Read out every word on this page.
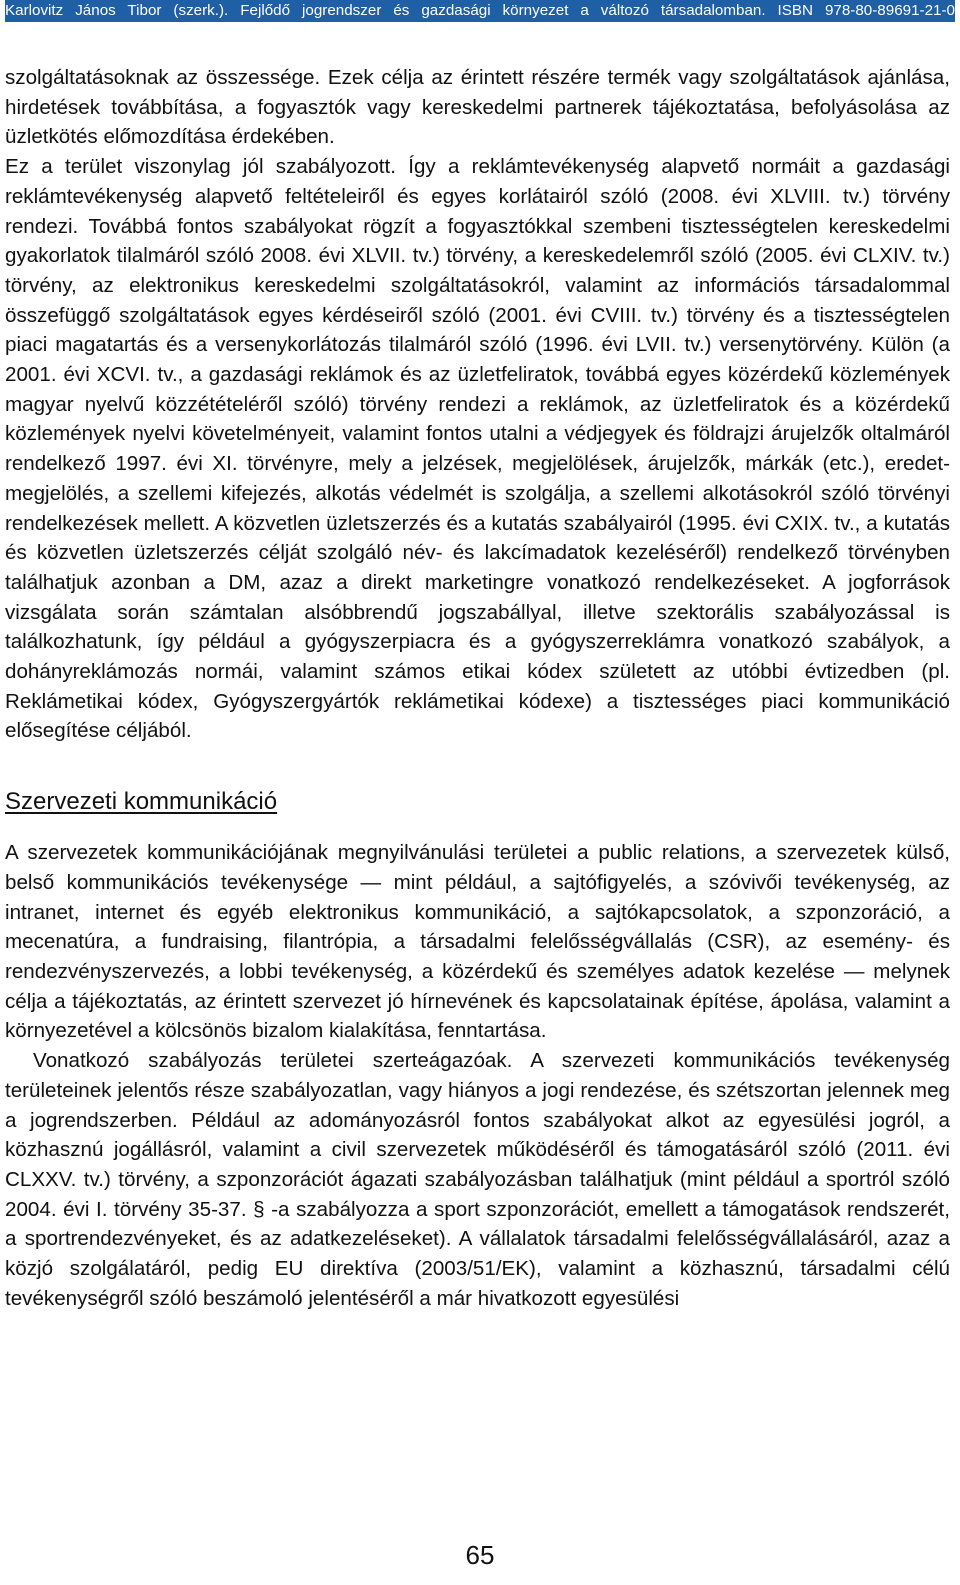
Karlovitz János Tibor (szerk.). Fejlődő jogrendszer és gazdasági környezet a változó társadalomban. ISBN 978-80-89691-21-0

szolgáltatásoknak az összessége. Ezek célja az érintett részére termék vagy szolgáltatások ajánlása, hirdetések továbbítása, a fogyasztók vagy kereskedelmi partnerek tájékoztatása, befolyásolása az üzletkötés előmozdítása érdekében.

Ez a terület viszonylag jól szabályozott. Így a reklámtevékenység alapvető normáit a gazdasági reklámtevékenység alapvető feltételeiről és egyes korlátairól szóló (2008. évi XLVIII. tv.) törvény rendezi. Továbbá fontos szabályokat rögzít a fogyasztókkal szembeni tisztességtelen kereskedelmi gyakorlatok tilalmáról szóló 2008. évi XLVII. tv.) törvény, a kereskedelemről szóló (2005. évi CLXIV. tv.) törvény, az elektronikus kereskedelmi szolgáltatásokról, valamint az információs társadalommal összefüggő szolgáltatások egyes kérdéseiről szóló (2001. évi CVIII. tv.) törvény és a tisztességtelen piaci magatartás és a versenykorlátozás tilalmáról szóló (1996. évi LVII. tv.) versenytörvény. Külön (a 2001. évi XCVI. tv., a gazdasági reklámok és az üzletfeliratok, továbbá egyes közérdekű közlemények magyar nyelvű közzétételéről szóló) törvény rendezi a reklámok, az üzletfeliratok és a közérdekű közlemények nyelvi követelményeit, valamint fontos utalni a védjegyek és földrajzi árujelzők oltalmáról rendelkező 1997. évi XI. törvényre, mely a jelzések, megjelölések, árujelzők, márkák (etc.), eredet-megjelölés, a szellemi kifejezés, alkotás védelmét is szolgálja, a szellemi alkotásokról szóló törvényi rendelkezések mellett. A közvetlen üzletszerzés és a kutatás szabályairól (1995. évi CXIX. tv., a kutatás és közvetlen üzletszerzés célját szolgáló név- és lakcímadatok kezeléséről) rendelkező törvényben találhatjuk azonban a DM, azaz a direkt marketingre vonatkozó rendelkezéseket. A jogforrások vizsgálata során számtalan alsóbbrendű jogszabállyal, illetve szektorális szabályozással is találkozhatunk, így például a gyógyszerpiacra és a gyógyszerreklámra vonatkozó szabályok, a dohányreklámozás normái, valamint számos etikai kódex született az utóbbi évtizedben (pl. Reklámetikai kódex, Gyógyszergyártók reklámetikai kódexe) a tisztességes piaci kommunikáció elősegítése céljából.

Szervezeti kommunikáció

A szervezetek kommunikációjának megnyilvánulási területei a public relations, a szervezetek külső, belső kommunikációs tevékenysége — mint például, a sajtófigyelés, a szóvivői tevékenység, az intranet, internet és egyéb elektronikus kommunikáció, a sajtókapcsolatok, a szponzoráció, a mecenatúra, a fundraising, filantrópia, a társadalmi felelősségvállalás (CSR), az esemény- és rendezvényszervezés, a lobbi tevékenység, a közérdekű és személyes adatok kezelése — melynek célja a tájékoztatás, az érintett szervezet jó hírnevének és kapcsolatainak építése, ápolása, valamint a környezetével a kölcsönös bizalom kialakítása, fenntartása.

Vonatkozó szabályozás területei szerteágazóak. A szervezeti kommunikációs tevékenység területeinek jelentős része szabályozatlan, vagy hiányos a jogi rendezése, és szétszortan jelennek meg a jogrendszerben. Például az adományozásról fontos szabályokat alkot az egyesülési jogról, a közhasznú jogállásról, valamint a civil szervezetek működéséről és támogatásáról szóló (2011. évi CLXXV. tv.) törvény, a szponzorációt ágazati szabályozásban találhatjuk (mint például a sportról szóló 2004. évi I. törvény 35-37. § -a szabályozza a sport szponzorációt, emellett a támogatások rendszerét, a sportrendezvényeket, és az adatkezeléseket). A vállalatok társadalmi felelősségvállalásáról, azaz a közjó szolgálatáról, pedig EU direktíva (2003/51/EK), valamint a közhasznú, társadalmi célú tevékenységről szóló beszámoló jelentéséről a már hivatkozott egyesülési

65
